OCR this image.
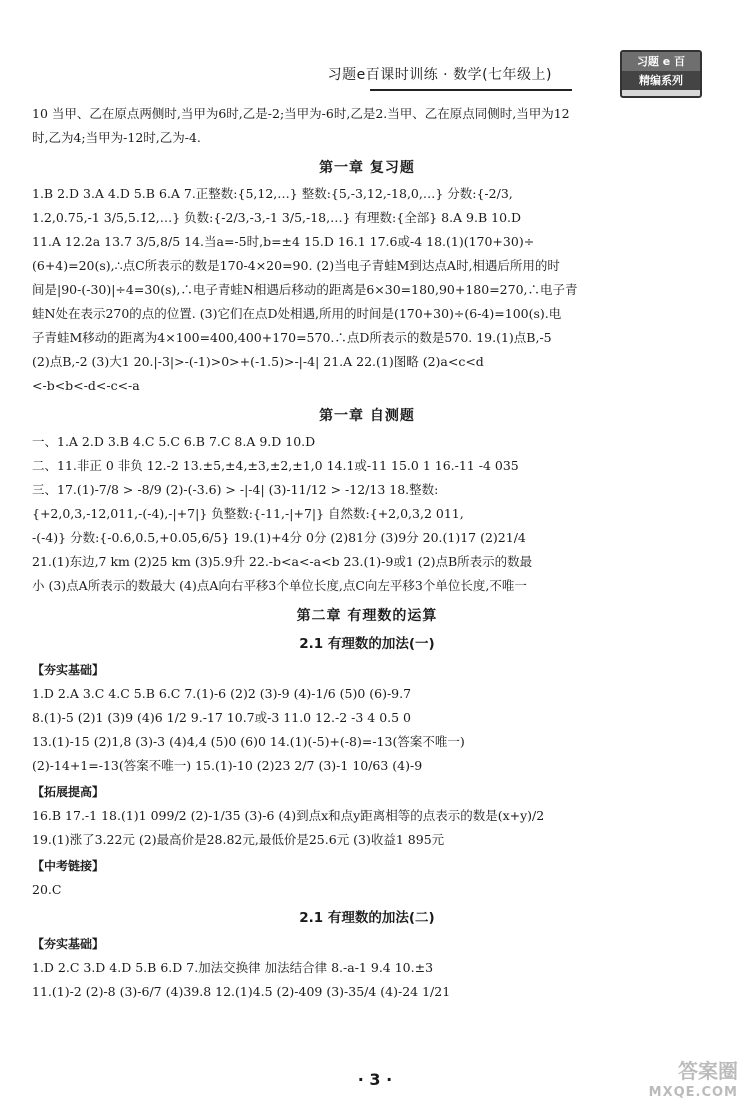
习题e百课时训练 · 数学(七年级上)
习题 e 百
精编系列

10 当甲、乙在原点两侧时,当甲为6时,乙是-2;当甲为-6时,乙是2.当甲、乙在原点同侧时,当甲为12

时,乙为4;当甲为-12时,乙为-4.

第一章 复习题

1.B 2.D 3.A 4.D 5.B 6.A 7.正整数:{5,12,…} 整数:{5,-3,12,-18,0,…} 分数:{-2/3,

1.2,0.75,-1 3/5,5.1̇2̇,…} 负数:{-2/3,-3,-1 3/5,-18,…} 有理数:{全部} 8.A 9.B 10.D

11.A 12.2a 13.7 3/5,8/5 14.当a=-5时,b=±4 15.D 16.1 17.6或-4 18.(1)(170+30)÷

(6+4)=20(s),∴点C所表示的数是170-4×20=90. (2)当电子青蛙M到达点A时,相遇后所用的时

间是|90-(-30)|÷4=30(s),∴电子青蛙N相遇后移动的距离是6×30=180,90+180=270,∴电子青

蛙N处在表示270的点的位置. (3)它们在点D处相遇,所用的时间是(170+30)÷(6-4)=100(s).电

子青蛙M移动的距离为4×100=400,400+170=570.∴点D所表示的数是570. 19.(1)点B,-5

(2)点B,-2 (3)大1 20.|-3|>-(-1)>0>+(-1.5)>-|-4| 21.A 22.(1)图略 (2)a<c<d

<-b<b<-d<-c<-a

第一章 自测题

一、1.A 2.D 3.B 4.C 5.C 6.B 7.C 8.A 9.D 10.D

二、11.非正 0 非负 12.-2 13.±5,±4,±3,±2,±1,0 14.1或-11 15.0 1 16.-11 -4 035

三、17.(1)-7/8 > -8/9 (2)-(-3.6) > -|-4| (3)-11/12 > -12/13 18.整数:

{+2,0,3,-12,011,-(-4),-|+7|} 负整数:{-11,-|+7|} 自然数:{+2,0,3,2 011,

-(-4)} 分数:{-0.6,0.5,+0.05,6/5} 19.(1)+4分 0分 (2)81分 (3)9分 20.(1)17 (2)21/4

21.(1)东边,7 km (2)25 km (3)5.9升 22.-b<a<-a<b 23.(1)-9或1 (2)点B所表示的数最

小 (3)点A所表示的数最大 (4)点A向右平移3个单位长度,点C向左平移3个单位长度,不唯一

第二章 有理数的运算
2.1 有理数的加法(一)

【夯实基础】

1.D 2.A 3.C 4.C 5.B 6.C 7.(1)-6 (2)2 (3)-9 (4)-1/6 (5)0 (6)-9.7

8.(1)-5 (2)1 (3)9 (4)6 1/2 9.-17 10.7或-3 11.0 12.-2 -3 4 0.5 0

13.(1)-15 (2)1,8 (3)-3 (4)4,4 (5)0 (6)0 14.(1)(-5)+(-8)=-13(答案不唯一)

(2)-14+1=-13(答案不唯一) 15.(1)-10 (2)23 2/7 (3)-1 10/63 (4)-9

【拓展提高】

16.B 17.-1 18.(1)1 099/2 (2)-1/35 (3)-6 (4)到点x和点y距离相等的点表示的数是(x+y)/2

19.(1)涨了3.22元 (2)最高价是28.82元,最低价是25.6元 (3)收益1 895元

【中考链接】

20.C

2.1 有理数的加法(二)

【夯实基础】

1.D 2.C 3.D 4.D 5.B 6.D 7.加法交换律 加法结合律 8.-a-1 9.4 10.±3

11.(1)-2 (2)-8 (3)-6/7 (4)39.8 12.(1)4.5 (2)-409 (3)-35/4 (4)-24 1/21

· 3 ·	答案圈
MXQE.COM
